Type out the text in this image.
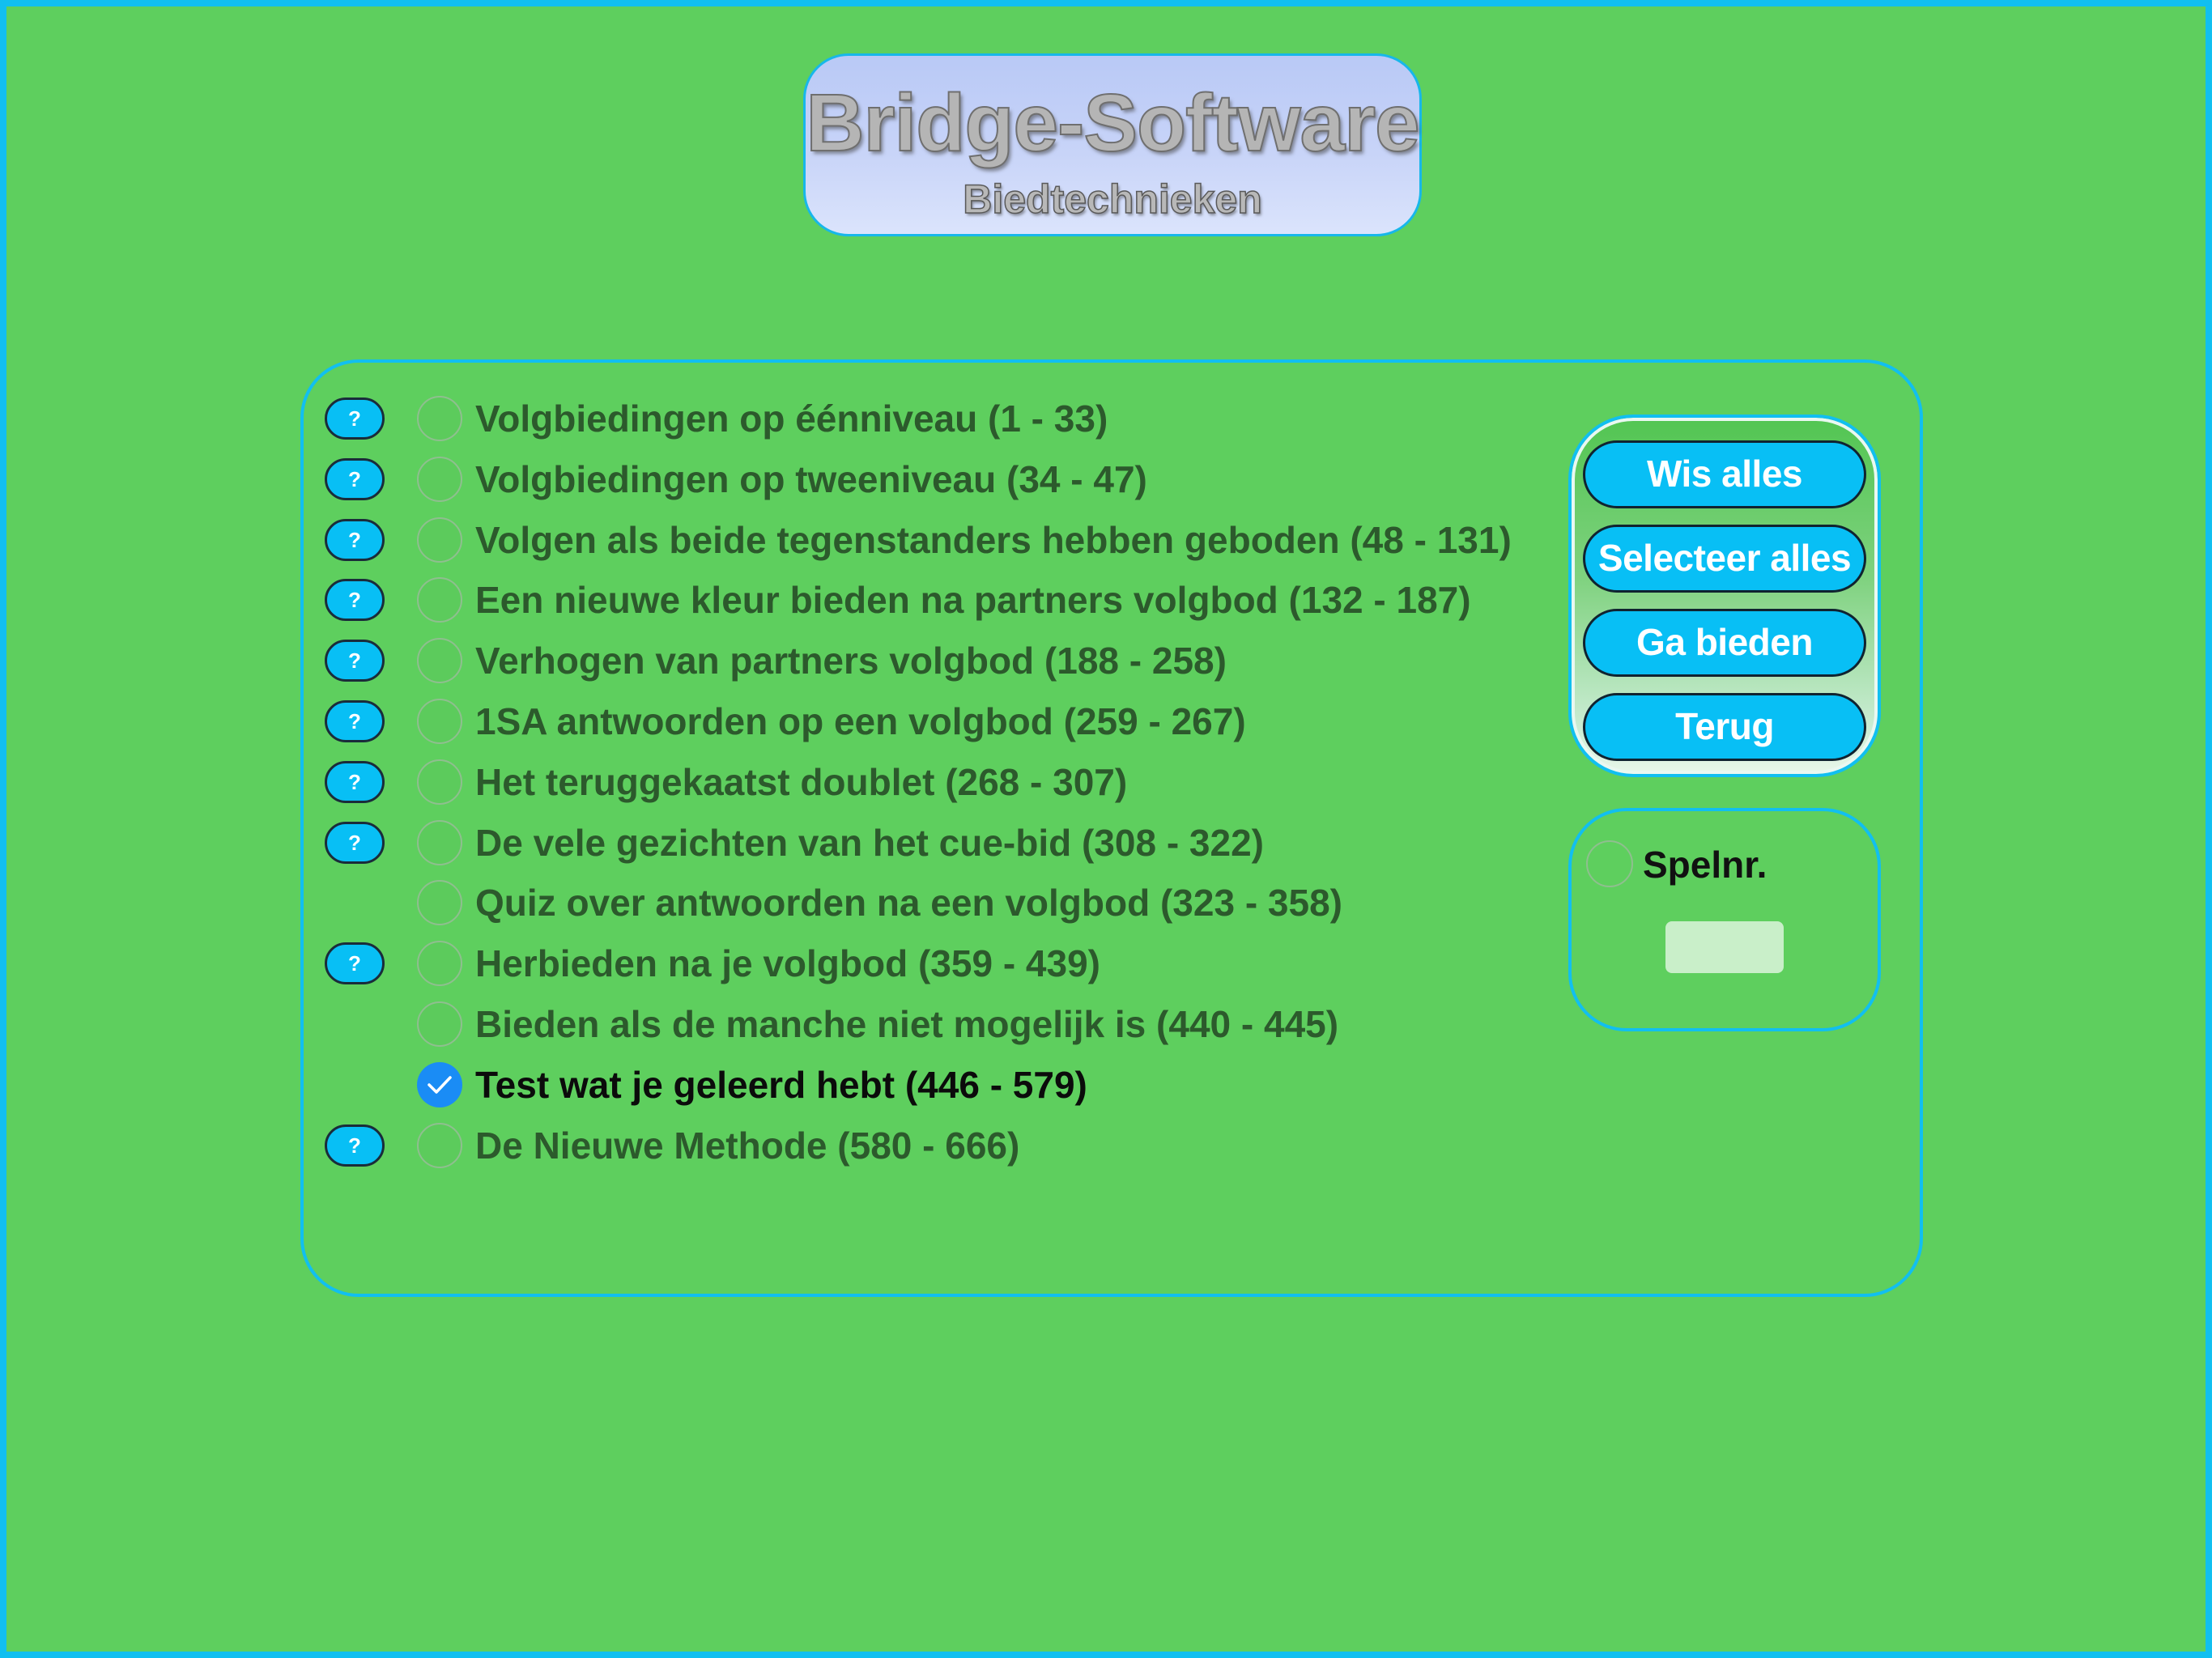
Bridge-Software
Biedtechnieken
?	Volgbiedingen op éénniveau (1 - 33)
?	Volgbiedingen op tweeniveau (34 - 47)
?	Volgen als beide tegenstanders hebben geboden (48 - 131)
?	Een nieuwe kleur bieden na partners volgbod (132 - 187)
?	Verhogen van partners volgbod (188 - 258)
?	1SA antwoorden op een volgbod (259 - 267)
?	Het teruggekaatst doublet (268 - 307)
?	De vele gezichten van het cue-bid (308 - 322)
Quiz over antwoorden na een volgbod (323 - 358)
?	Herbieden na je volgbod (359 - 439)
Bieden als de manche niet mogelijk is (440 - 445)
Test wat je geleerd hebt (446 - 579)
?	De Nieuwe Methode (580 - 666)
Wis alles
Selecteer alles
Ga bieden
Terug
Spelnr.
